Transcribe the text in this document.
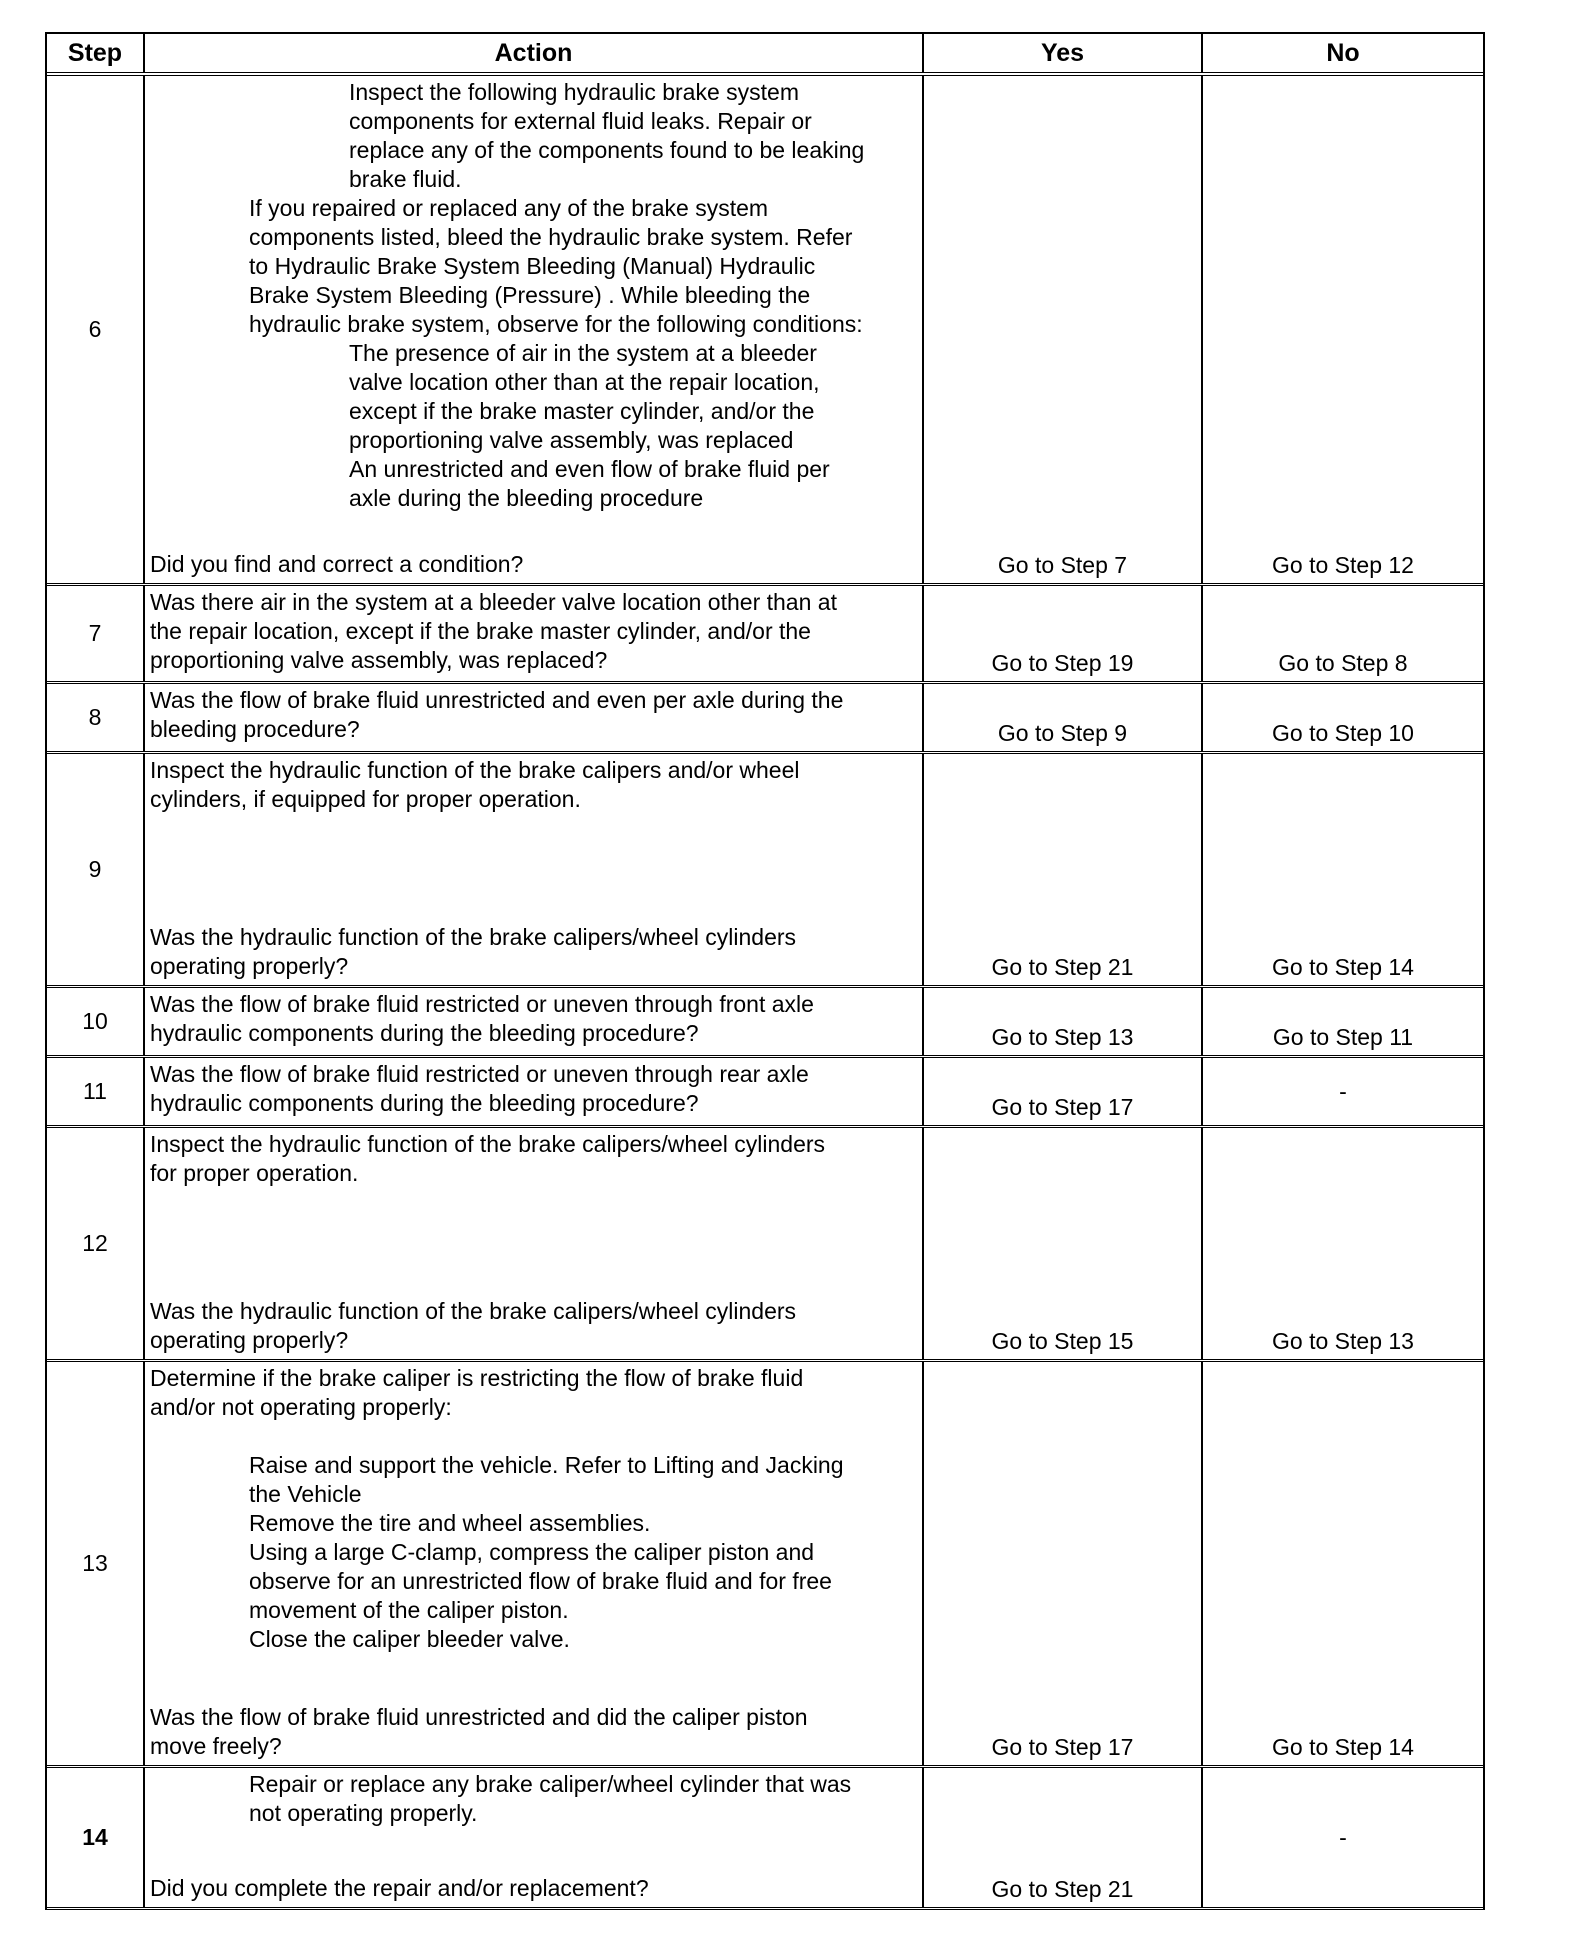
Step	Action	Yes	No
6
Inspect the following hydraulic brake system
components for external fluid leaks. Repair or
replace any of the components found to be leaking
brake fluid.
If you repaired or replaced any of the brake system
components listed, bleed the hydraulic brake system. Refer
to Hydraulic Brake System Bleeding (Manual) Hydraulic
Brake System Bleeding (Pressure) . While bleeding the
hydraulic brake system, observe for the following conditions:
The presence of air in the system at a bleeder
valve location other than at the repair location,
except if the brake master cylinder, and/or the
proportioning valve assembly, was replaced
An unrestricted and even flow of brake fluid per
axle during the bleeding procedure
Did you find and correct a condition?	Go to Step 7	Go to Step 12
7
Was there air in the system at a bleeder valve location other than at
the repair location, except if the brake master cylinder, and/or the
proportioning valve assembly, was replaced?	Go to Step 19	Go to Step 8
8
Was the flow of brake fluid unrestricted and even per axle during the
bleeding procedure?	Go to Step 9	Go to Step 10
9
Inspect the hydraulic function of the brake calipers and/or wheel
cylinders, if equipped for proper operation.
Was the hydraulic function of the brake calipers/wheel cylinders
operating properly?	Go to Step 21	Go to Step 14
10
Was the flow of brake fluid restricted or uneven through front axle
hydraulic components during the bleeding procedure?	Go to Step 13	Go to Step 11
11
Was the flow of brake fluid restricted or uneven through rear axle
hydraulic components during the bleeding procedure?	Go to Step 17
-
12
Inspect the hydraulic function of the brake calipers/wheel cylinders
for proper operation.
Was the hydraulic function of the brake calipers/wheel cylinders
operating properly?	Go to Step 15	Go to Step 13
13
Determine if the brake caliper is restricting the flow of brake fluid
and/or not operating properly:
Raise and support the vehicle. Refer to Lifting and Jacking
the Vehicle
Remove the tire and wheel assemblies.
Using a large C-clamp, compress the caliper piston and
observe for an unrestricted flow of brake fluid and for free
movement of the caliper piston.
Close the caliper bleeder valve.
Was the flow of brake fluid unrestricted and did the caliper piston
move freely?	Go to Step 17	Go to Step 14
14
Repair or replace any brake caliper/wheel cylinder that was
not operating properly.
Did you complete the repair and/or replacement?	Go to Step 21
-
